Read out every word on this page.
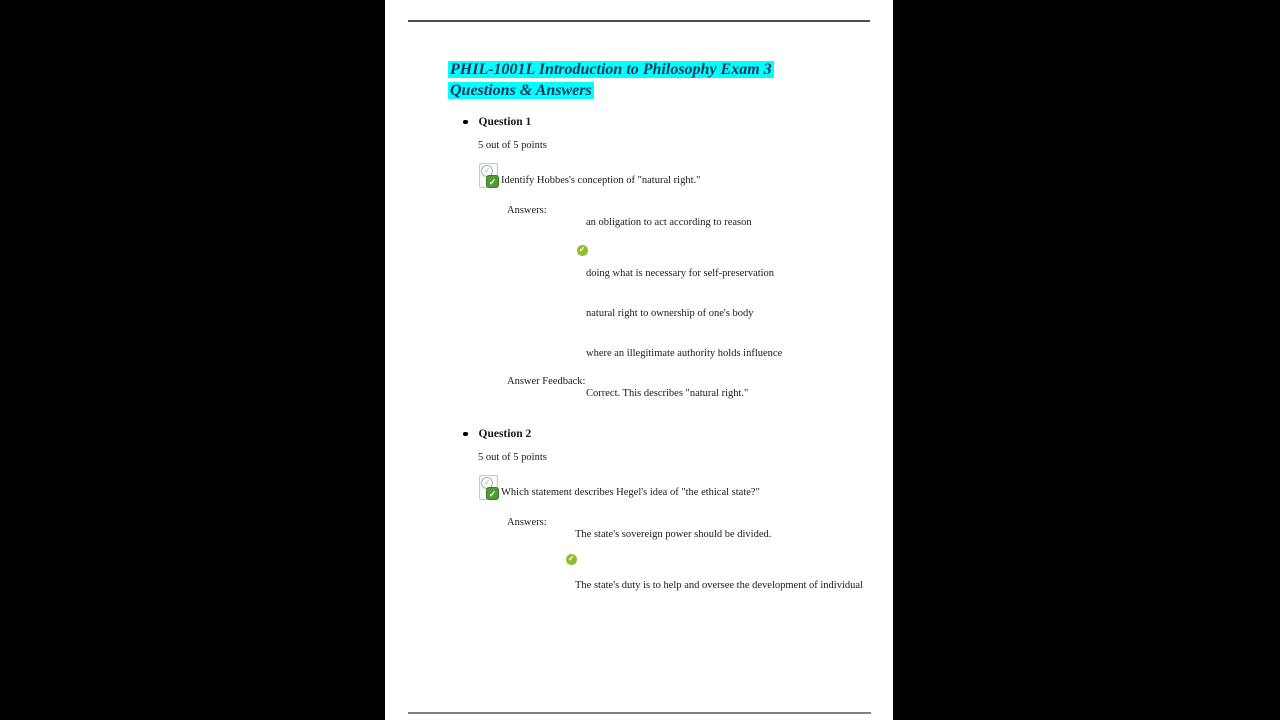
PHIL-1001L Introduction to Philosophy Exam 3
Questions & Answers
Question 1
5 out of 5 points
✓
✓ Identify Hobbes's conception of "natural right."
Answers:
an obligation to act according to reason
✓
doing what is necessary for self-preservation
natural right to ownership of one's body
where an illegitimate authority holds influence
Answer Feedback:
Correct. This describes "natural right."
Question 2
5 out of 5 points
✓
✓ Which statement describes Hegel's idea of "the ethical state?"
Answers:
The state's sovereign power should be divided.
✓
The state's duty is to help and oversee the development of individual
